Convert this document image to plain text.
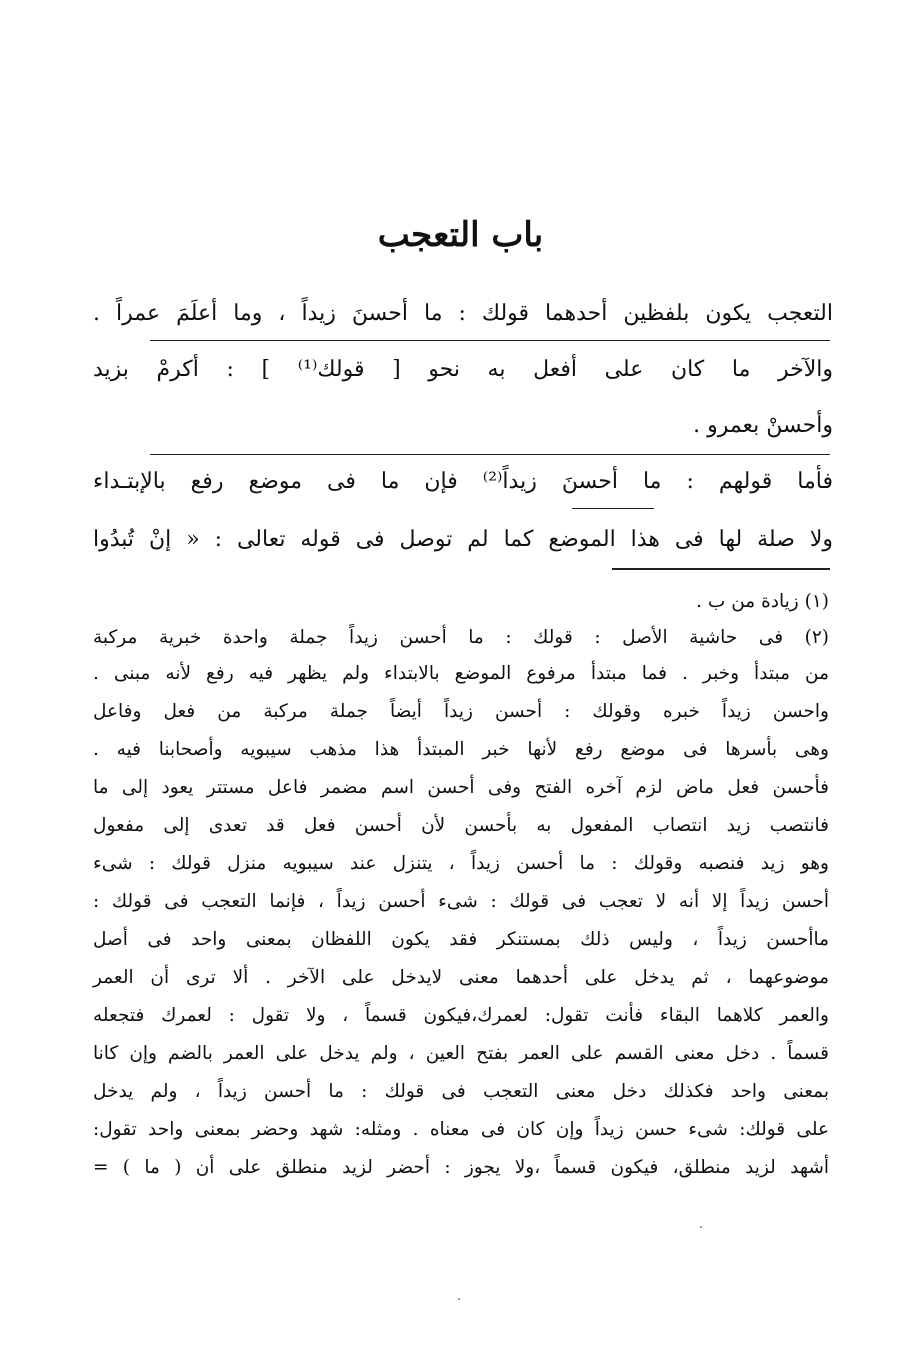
باب التعجب
التعجب يكون بلفظين أحدهما قولك : ما أحسنَ زيداً ، وما أعلَمَ عمراً .
والآخر ما كان على أفعل به نحو [ قولك⁽¹⁾ ] : أكرمْ بزيد
وأحسنْ بعمرو .
فأما قولهم : ما أحسنَ زيداً⁽²⁾ فإن ما فى موضع رفع بالإبتـداء
ولا صلة لها فى هذا الموضع كما لم توصل فى قوله تعالى : « إنْ تُبدُوا
(١) زيادة من ب .
(٢) فى حاشية الأصل : قولك : ما أحسن زيداً جملة واحدة خبرية مركبة
من مبتدأ وخبر . فما مبتدأ مرفوع الموضع بالابتداء ولم يظهر فيه رفع لأنه مبنى .
واحسن زيداً خبره وقولك : أحسن زيداً أيضاً جملة مركبة من فعل وفاعل
وهى بأسرها فى موضع رفع لأنها خبر المبتدأ هذا مذهب سيبويه وأصحابنا فيه .
فأحسن فعل ماض لزم آخره الفتح وفى أحسن اسم مضمر فاعل مستتر يعود إلى ما
فانتصب زيد انتصاب المفعول به بأحسن لأن أحسن فعل قد تعدى إلى مفعول
وهو زيد فنصبه وقولك : ما أحسن زيداً ، يتنزل عند سيبويه منزل قولك : شىء
أحسن زيداً إلا أنه لا تعجب فى قولك : شىء أحسن زيداً ، فإنما التعجب فى قولك :
ماأحسن زيداً ، وليس ذلك بمستنكر فقد يكون اللفظان بمعنى واحد فى أصل
موضوعهما ، ثم يدخل على أحدهما معنى لايدخل على الآخر . ألا ترى أن العمر
والعمر كلاهما البقاء فأنت تقول: لعمرك،فيكون قسماً ، ولا تقول : لعمرك فتجعله
قسماً . دخل معنى القسم على العمر بفتح العين ، ولم يدخل على العمر بالضم وإن كانا
بمعنى واحد فكذلك دخل معنى التعجب فى قولك : ما أحسن زيداً ، ولم يدخل
على قولك: شىء حسن زيداً وإن كان فى معناه . ومثله: شهد وحضر بمعنى واحد تقول:
أشهد لزيد منطلق، فيكون قسماً ،ولا يجوز : أحضر لزيد منطلق على أن ( ما ) =
